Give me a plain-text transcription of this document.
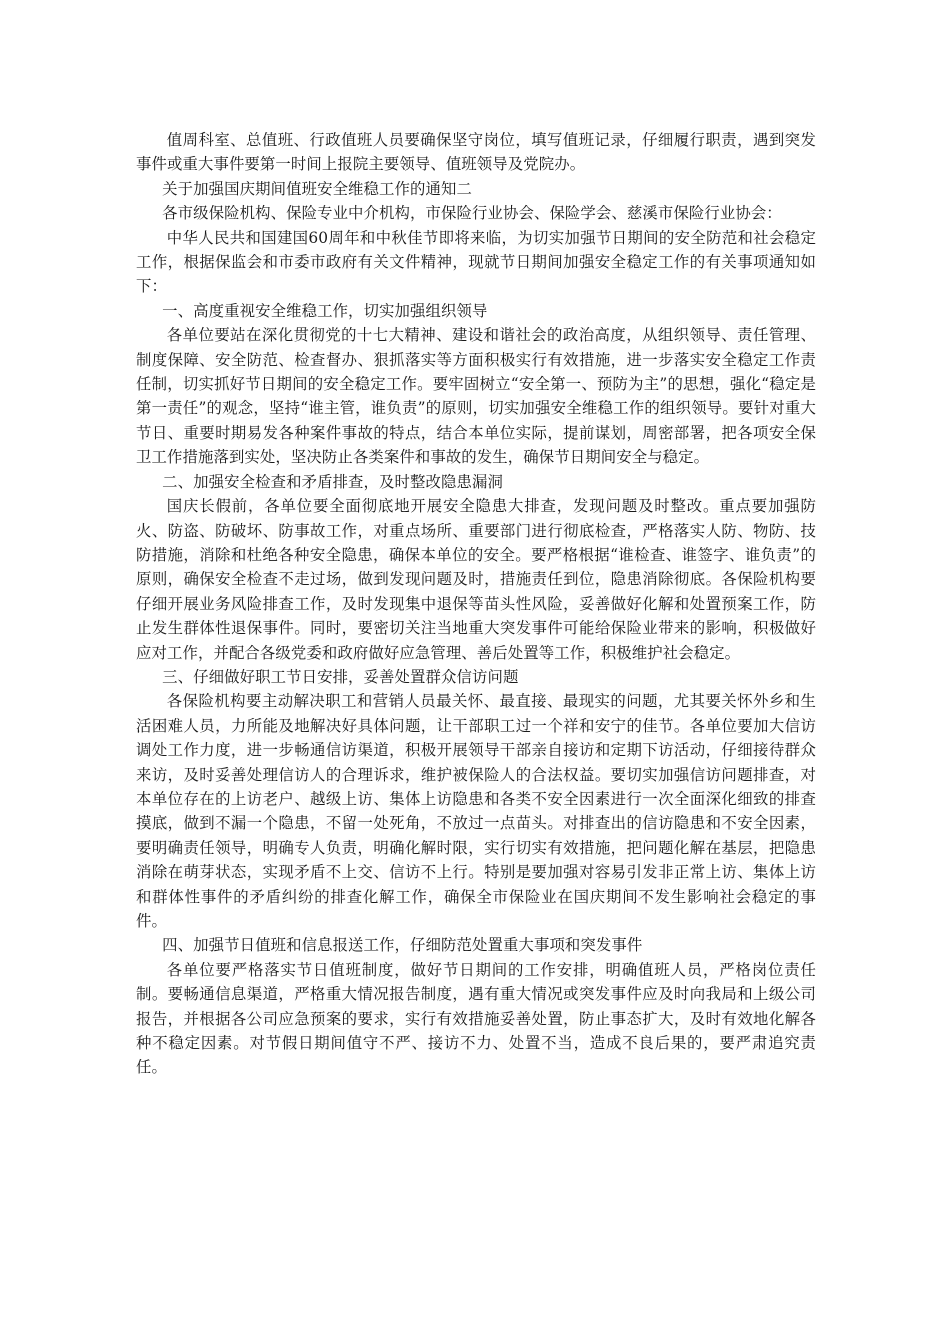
值周科室、总值班、行政值班人员要确保坚守岗位，填写值班记录，仔细履行职责，遇到突发事件或重大事件要第一时间上报院主要领导、值班领导及党院办。

关于加强国庆期间值班安全维稳工作的通知二

各市级保险机构、保险专业中介机构，市保险行业协会、保险学会、慈溪市保险行业协会：

中华人民共和国建国60周年和中秋佳节即将来临，为切实加强节日期间的安全防范和社会稳定工作，根据保监会和市委市政府有关文件精神，现就节日期间加强安全稳定工作的有关事项通知如下：

一、高度重视安全维稳工作，切实加强组织领导

各单位要站在深化贯彻党的十七大精神、建设和谐社会的政治高度，从组织领导、责任管理、制度保障、安全防范、检查督办、狠抓落实等方面积极实行有效措施，进一步落实安全稳定工作责任制，切实抓好节日期间的安全稳定工作。要牢固树立“安全第一、预防为主”的思想，强化“稳定是第一责任”的观念，坚持“谁主管，谁负责”的原则，切实加强安全维稳工作的组织领导。要针对重大节日、重要时期易发各种案件事故的特点，结合本单位实际，提前谋划，周密部署，把各项安全保卫工作措施落到实处，坚决防止各类案件和事故的发生，确保节日期间安全与稳定。

二、加强安全检查和矛盾排查，及时整改隐患漏洞

国庆长假前，各单位要全面彻底地开展安全隐患大排查，发现问题及时整改。重点要加强防火、防盗、防破坏、防事故工作，对重点场所、重要部门进行彻底检查，严格落实人防、物防、技防措施，消除和杜绝各种安全隐患，确保本单位的安全。要严格根据“谁检查、谁签字、谁负责”的原则，确保安全检查不走过场，做到发现问题及时，措施责任到位，隐患消除彻底。各保险机构要仔细开展业务风险排查工作，及时发现集中退保等苗头性风险，妥善做好化解和处置预案工作，防止发生群体性退保事件。同时，要密切关注当地重大突发事件可能给保险业带来的影响，积极做好应对工作，并配合各级党委和政府做好应急管理、善后处置等工作，积极维护社会稳定。

三、仔细做好职工节日安排，妥善处置群众信访问题

各保险机构要主动解决职工和营销人员最关怀、最直接、最现实的问题，尤其要关怀外乡和生活困难人员，力所能及地解决好具体问题，让干部职工过一个祥和安宁的佳节。各单位要加大信访调处工作力度，进一步畅通信访渠道，积极开展领导干部亲自接访和定期下访活动，仔细接待群众来访，及时妥善处理信访人的合理诉求，维护被保险人的合法权益。要切实加强信访问题排查，对本单位存在的上访老户、越级上访、集体上访隐患和各类不安全因素进行一次全面深化细致的排查摸底，做到不漏一个隐患，不留一处死角，不放过一点苗头。对排查出的信访隐患和不安全因素，要明确责任领导，明确专人负责，明确化解时限，实行切实有效措施，把问题化解在基层，把隐患消除在萌芽状态，实现矛盾不上交、信访不上行。特别是要加强对容易引发非正常上访、集体上访和群体性事件的矛盾纠纷的排查化解工作，确保全市保险业在国庆期间不发生影响社会稳定的事件。

四、加强节日值班和信息报送工作，仔细防范处置重大事项和突发事件

各单位要严格落实节日值班制度，做好节日期间的工作安排，明确值班人员，严格岗位责任制。要畅通信息渠道，严格重大情况报告制度，遇有重大情况或突发事件应及时向我局和上级公司报告，并根据各公司应急预案的要求，实行有效措施妥善处置，防止事态扩大，及时有效地化解各种不稳定因素。对节假日期间值守不严、接访不力、处置不当，造成不良后果的，要严肃追究责任。
